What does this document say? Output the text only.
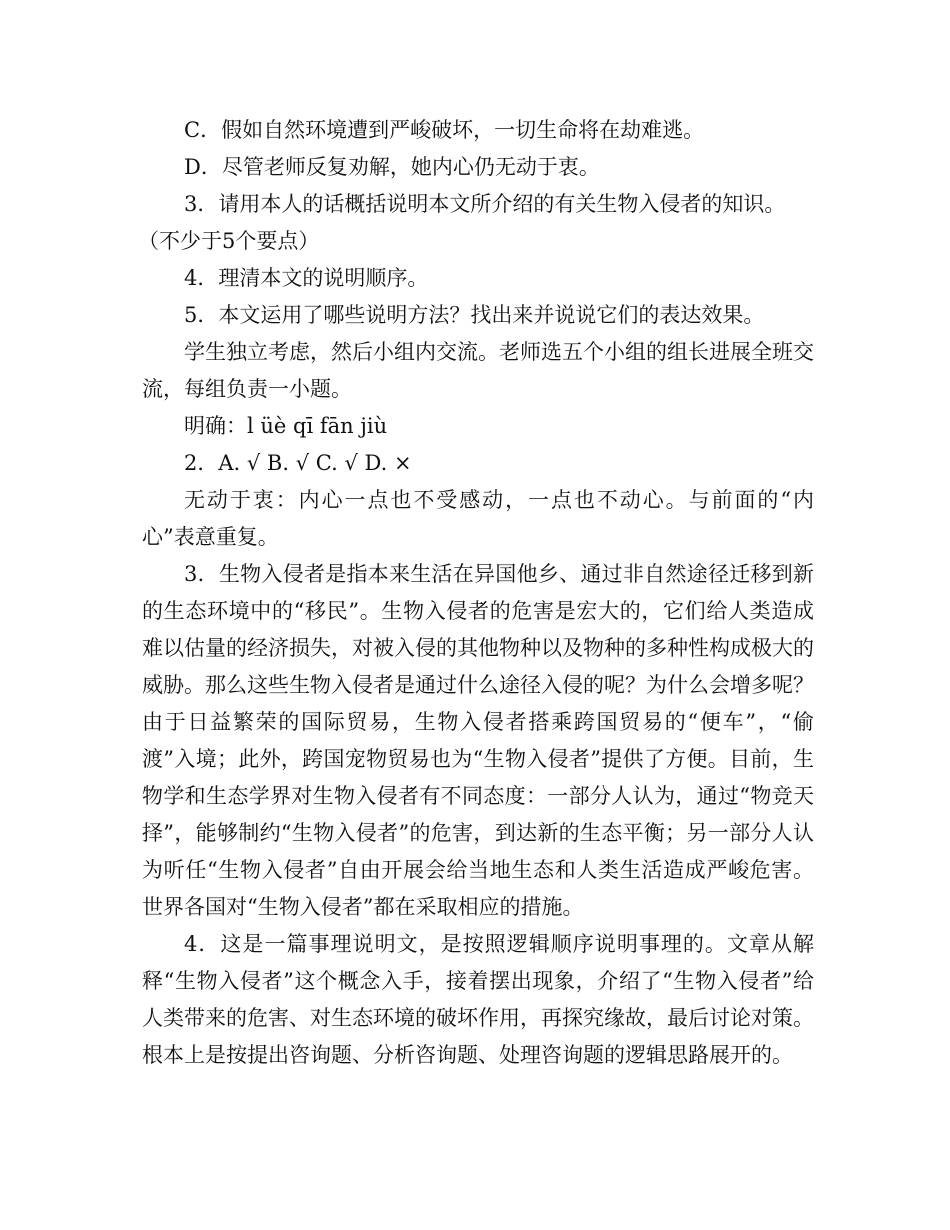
C．假如自然环境遭到严峻破坏，一切生命将在劫难逃。
D．尽管老师反复劝解，她内心仍无动于衷。
3．请用本人的话概括说明本文所介绍的有关生物入侵者的知识。
（不少于5个要点）
4．理清本文的说明顺序。
5．本文运用了哪些说明方法？找出来并说说它们的表达效果。
学生独立考虑，然后小组内交流。老师选五个小组的组长进展全班交流，每组负责一小题。
明确：l üè qī fān jiù
2．A. √ B. √ C. √ D. ×
无动于衷：内心一点也不受感动，一点也不动心。与前面的“内心”表意重复。
3．生物入侵者是指本来生活在异国他乡、通过非自然途径迁移到新的生态环境中的“移民”。生物入侵者的危害是宏大的，它们给人类造成难以估量的经济损失，对被入侵的其他物种以及物种的多种性构成极大的威胁。那么这些生物入侵者是通过什么途径入侵的呢？为什么会增多呢？由于日益繁荣的国际贸易，生物入侵者搭乘跨国贸易的“便车”，“偷渡”入境；此外，跨国宠物贸易也为“生物入侵者”提供了方便。目前，生物学和生态学界对生物入侵者有不同态度：一部分人认为，通过“物竞天择”，能够制约“生物入侵者”的危害，到达新的生态平衡；另一部分人认为听任“生物入侵者”自由开展会给当地生态和人类生活造成严峻危害。世界各国对“生物入侵者”都在采取相应的措施。
4．这是一篇事理说明文，是按照逻辑顺序说明事理的。文章从解释“生物入侵者”这个概念入手，接着摆出现象，介绍了“生物入侵者”给人类带来的危害、对生态环境的破坏作用，再探究缘故，最后讨论对策。根本上是按提出咨询题、分析咨询题、处理咨询题的逻辑思路展开的。
